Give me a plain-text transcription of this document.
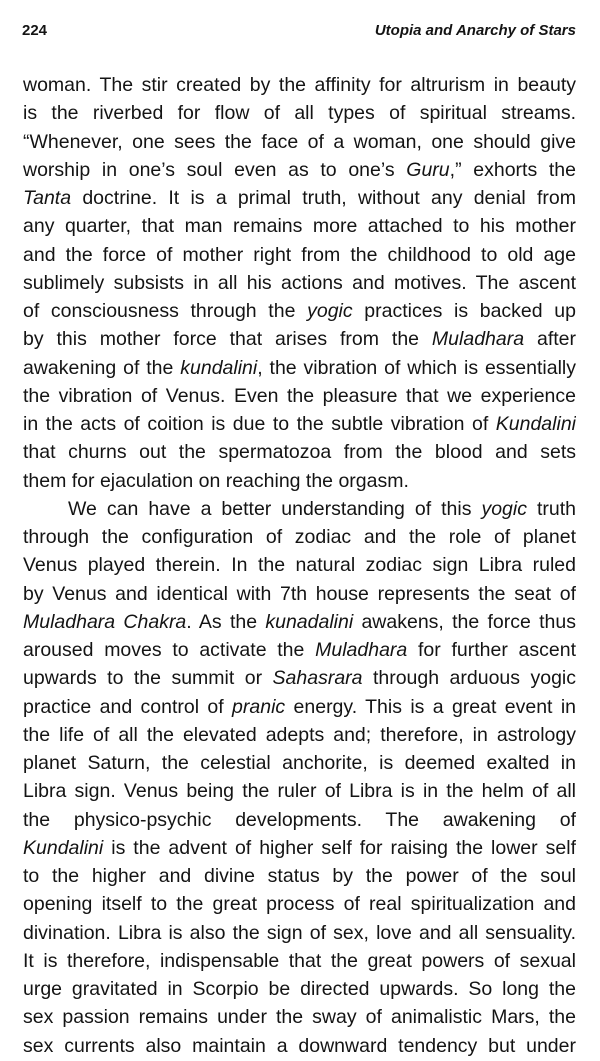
224	Utopia and Anarchy of Stars
woman. The stir created by the affinity for altrurism in beauty
is the riverbed for flow of all types of spiritual streams.
“Whenever, one sees the face of a woman, one should give
worship in one’s soul even as to one’s Guru,” exhorts the
Tanta doctrine. It is a primal truth, without any denial from
any quarter, that man remains more attached to his mother
and the force of mother right from the childhood to old age
sublimely subsists in all his actions and motives. The ascent
of consciousness through the yogic practices is backed up
by this mother force that arises from the Muladhara after
awakening of the kundalini, the vibration of which is essentially
the vibration of Venus. Even the pleasure that we experience
in the acts of coition is due to the subtle vibration of Kundalini
that churns out the spermatozoa from the blood and sets
them for ejaculation on reaching the orgasm.
We can have a better understanding of this yogic truth
through the configuration of zodiac and the role of planet
Venus played therein. In the natural zodiac sign Libra ruled
by Venus and identical with 7th house represents the seat of
Muladhara Chakra. As the kunadalini awakens, the force thus
aroused moves to activate the Muladhara for further ascent
upwards to the summit or Sahasrara through arduous yogic
practice and control of pranic energy. This is a great event in
the life of all the elevated adepts and; therefore, in astrology
planet Saturn, the celestial anchorite, is deemed exalted in
Libra sign. Venus being the ruler of Libra is in the helm of all
the physico-psychic developments. The awakening of
Kundalini is the advent of higher self for raising the lower self
to the higher and divine status by the power of the soul
opening itself to the great process of real spiritualization and
divination. Libra is also the sign of sex, love and all sensuality.
It is therefore, indispensable that the great powers of sexual
urge gravitated in Scorpio be directed upwards. So long the
sex passion remains under the sway of animalistic Mars, the
sex currents also maintain a downward tendency but under
